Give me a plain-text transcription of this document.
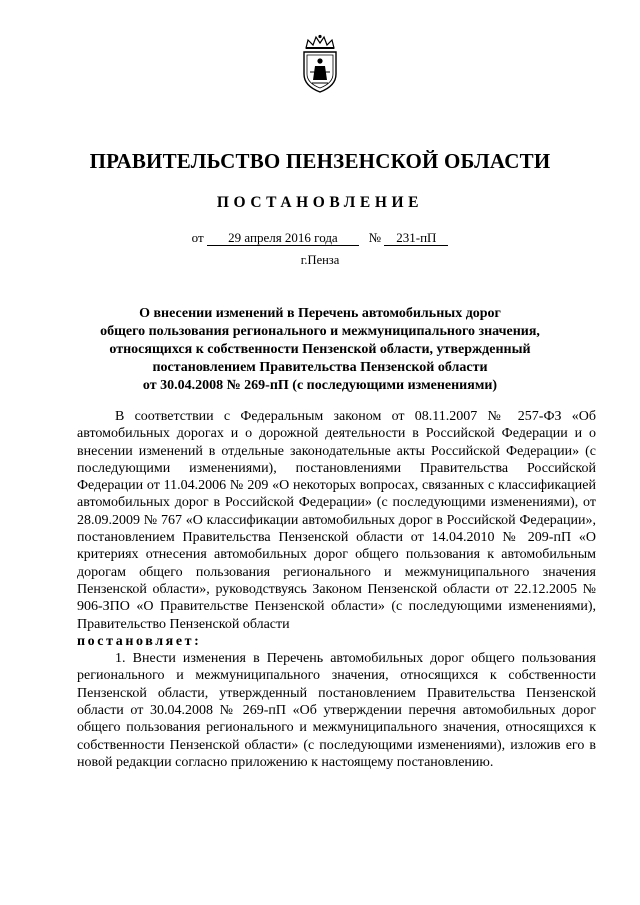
ПРАВИТЕЛЬСТВО ПЕНЗЕНСКОЙ ОБЛАСТИ
ПОСТАНОВЛЕНИЕ
от 29 апреля 2016 года № 231-пП
г.Пенза
О внесении изменений в Перечень автомобильных дорог
общего пользования регионального и межмуниципального значения,
относящихся к собственности Пензенской области, утвержденный
постановлением Правительства Пензенской области
от 30.04.2008 № 269-пП (с последующими изменениями)

В соответствии с Федеральным законом от 08.11.2007 № 257-ФЗ «Об автомобильных дорогах и о дорожной деятельности в Российской Федерации и о внесении изменений в отдельные законодательные акты Российской Федерации» (с последующими изменениями), постановлениями Правительства Российской Федерации от 11.04.2006 № 209 «О некоторых вопросах, связанных с классификацией автомобильных дорог в Российской Федерации» (с последующими изменениями), от 28.09.2009 № 767 «О классификации автомобильных дорог в Российской Федерации», постановлением Правительства Пензенской области от 14.04.2010 № 209-пП «О критериях отнесения автомобильных дорог общего пользования к автомобильным дорогам общего пользования регионального и межмуниципального значения Пензенской области», руководствуясь Законом Пензенской области от 22.12.2005 № 906-ЗПО «О Правительстве Пензенской области» (с последующими изменениями), Правительство Пензенской области

постановляет:

1. Внести изменения в Перечень автомобильных дорог общего пользования регионального и межмуниципального значения, относящихся к собственности Пензенской области, утвержденный постановлением Правительства Пензенской области от 30.04.2008 № 269-пП «Об утверждении перечня автомобильных дорог общего пользования регионального и межмуниципального значения, относящихся к собственности Пензенской области» (с последующими изменениями), изложив его в новой редакции согласно приложению к настоящему постановлению.
